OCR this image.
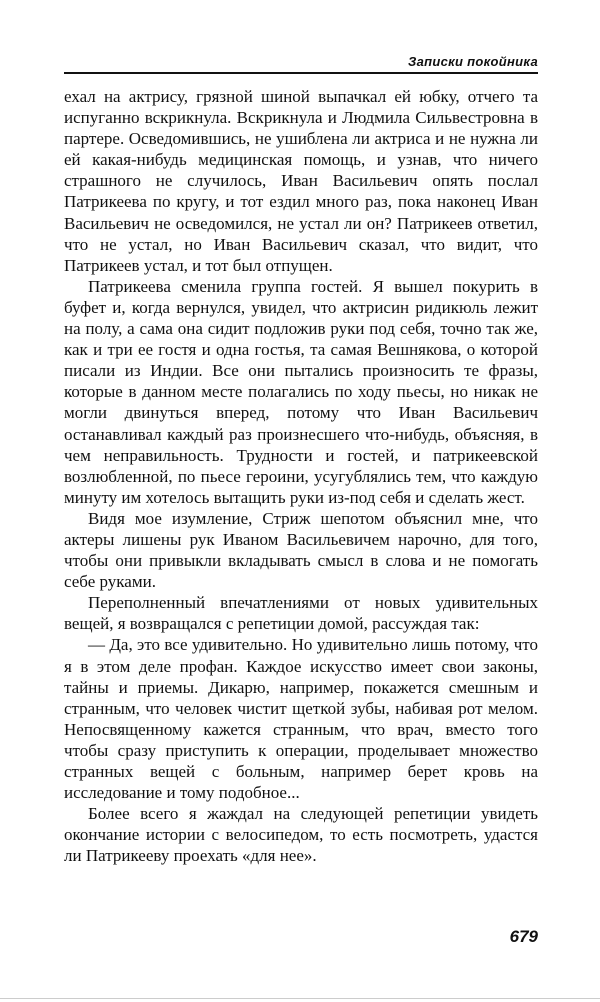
Записки покойника

ехал на актрису, грязной шиной выпачкал ей юбку, отчего та испуганно вскрикнула. Вскрикнула и Людмила Сильвестровна в партере. Осведомившись, не ушиблена ли актриса и не нужна ли ей какая-нибудь медицинская помощь, и узнав, что ничего страшного не случилось, Иван Васильевич опять послал Патрикеева по кругу, и тот ездил много раз, пока наконец Иван Васильевич не осведомился, не устал ли он? Патрикеев ответил, что не устал, но Иван Васильевич сказал, что видит, что Патрикеев устал, и тот был отпущен.

Патрикеева сменила группа гостей. Я вышел покурить в буфет и, когда вернулся, увидел, что актрисин ридикюль лежит на полу, а сама она сидит подложив руки под себя, точно так же, как и три ее гостя и одна гостья, та самая Вешнякова, о которой писали из Индии. Все они пытались произносить те фразы, которые в данном месте полагались по ходу пьесы, но никак не могли двинуться вперед, потому что Иван Васильевич останавливал каждый раз произнесшего что-нибудь, объясняя, в чем неправильность. Трудности и гостей, и патрикеевской возлюбленной, по пьесе героини, усугублялись тем, что каждую минуту им хотелось вытащить руки из-под себя и сделать жест.

Видя мое изумление, Стриж шепотом объяснил мне, что актеры лишены рук Иваном Васильевичем нарочно, для того, чтобы они привыкли вкладывать смысл в слова и не помогать себе руками.

Переполненный впечатлениями от новых удивительных вещей, я возвращался с репетиции домой, рассуждая так:

— Да, это все удивительно. Но удивительно лишь потому, что я в этом деле профан. Каждое искусство имеет свои законы, тайны и приемы. Дикарю, например, покажется смешным и странным, что человек чистит щеткой зубы, набивая рот мелом. Непосвященному кажется странным, что врач, вместо того чтобы сразу приступить к операции, проделывает множество странных вещей с больным, например берет кровь на исследование и тому подобное...

Более всего я жаждал на следующей репетиции увидеть окончание истории с велосипедом, то есть посмотреть, удастся ли Патрикееву проехать «для нее».

679
